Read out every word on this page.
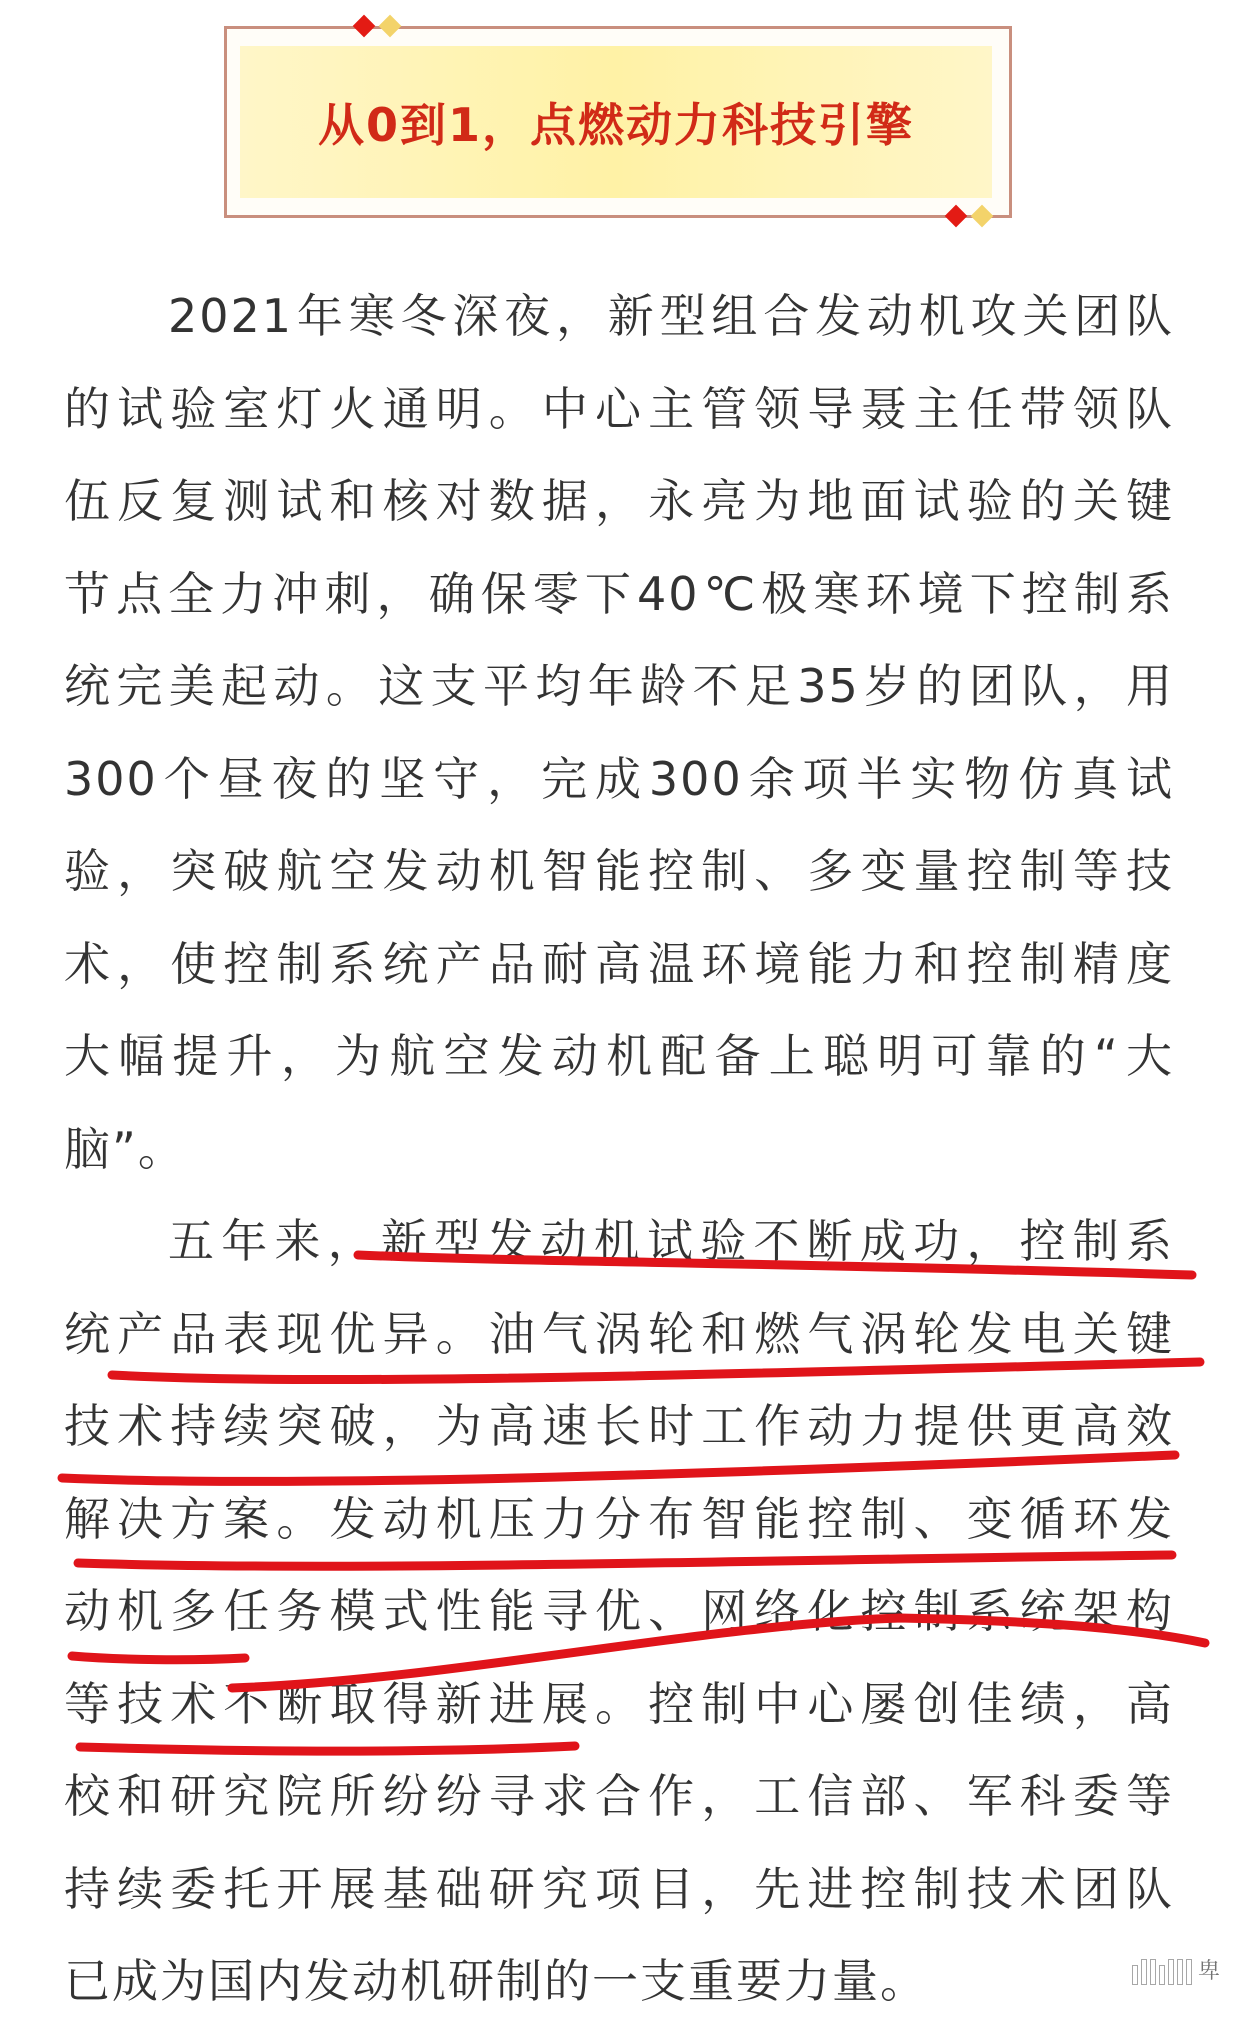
从0到1，点燃动力科技引擎

2021年寒冬深夜，新型组合发动机攻关团队
的试验室灯火通明。中心主管领导聂主任带领队
伍反复测试和核对数据，永亮为地面试验的关键
节点全力冲刺，确保零下40℃极寒环境下控制系
统完美起动。这支平均年龄不足35岁的团队，用
300个昼夜的坚守，完成300余项半实物仿真试
验，突破航空发动机智能控制、多变量控制等技
术，使控制系统产品耐高温环境能力和控制精度
大幅提升，为航空发动机配备上聪明可靠的“大
脑”。

五年来，新型发动机试验不断成功，控制系
统产品表现优异。油气涡轮和燃气涡轮发电关键
技术持续突破，为高速长时工作动力提供更高效
解决方案。发动机压力分布智能控制、变循环发
动机多任务模式性能寻优、网络化控制系统架构
等技术不断取得新进展。控制中心屡创佳绩，高
校和研究院所纷纷寻求合作，工信部、军科委等
持续委托开展基础研究项目，先进控制技术团队
已成为国内发动机研制的一支重要力量。	卑
